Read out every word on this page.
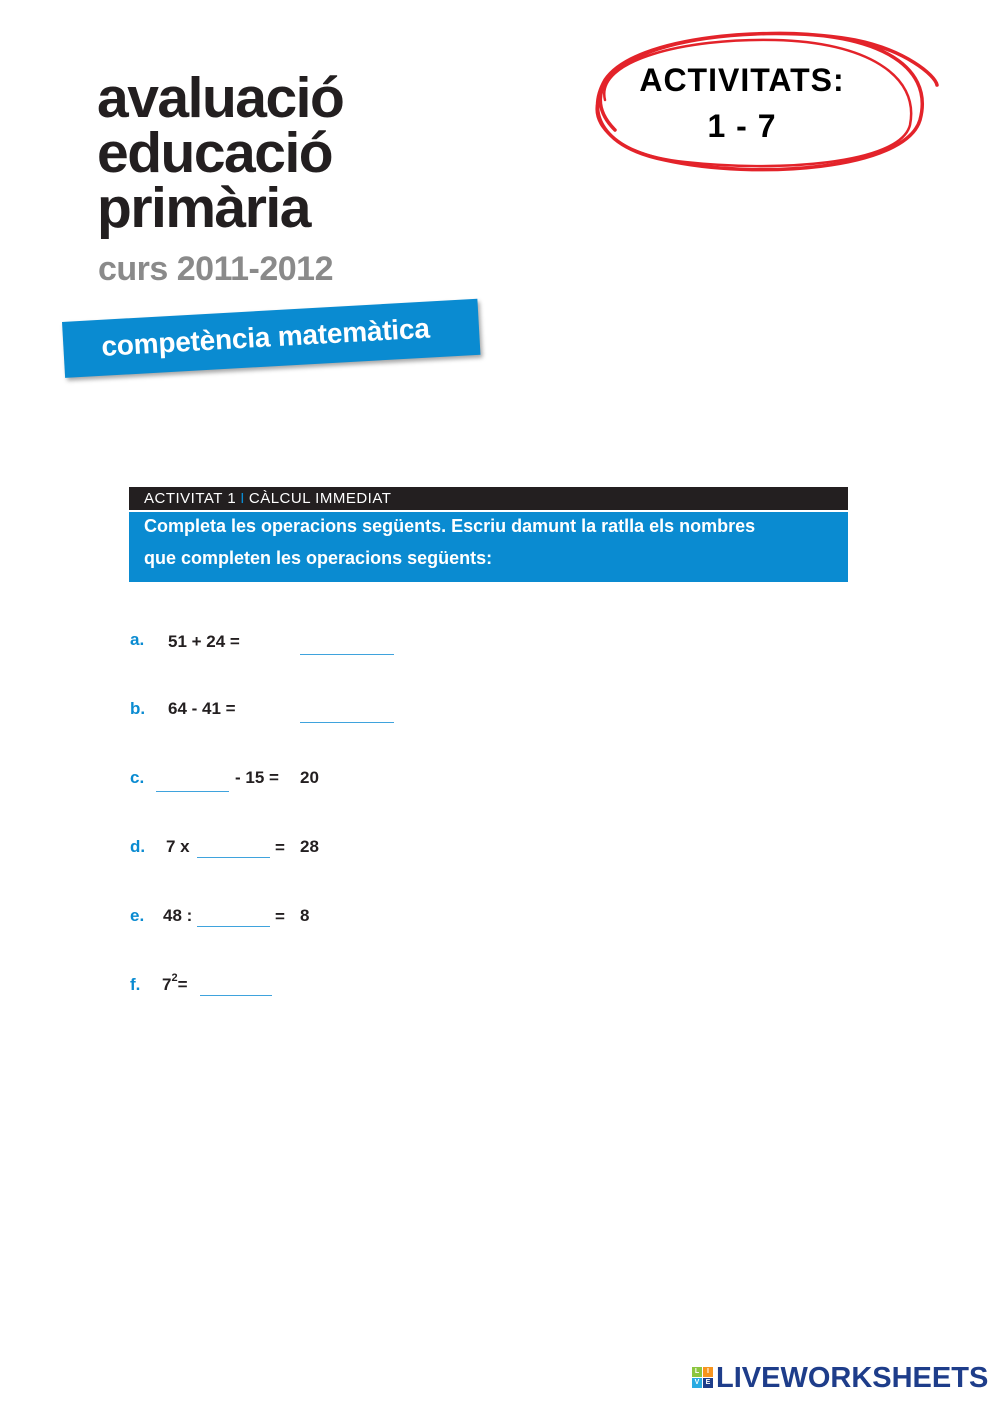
avaluació
educació
primària
curs 2011-2012
competència matemàtica
ACTIVITATS:
1 - 7
ACTIVITAT 1 I CÀLCUL IMMEDIAT
Completa les operacions següents. Escriu damunt la ratlla els nombres
que completen les operacions següents:
a. 51 + 24 =
b. 64 - 41 =
c.	- 15 = 20
d. 7 x	= 28
e. 48 :	= 8
f. $7^2=$
L	I
V E LIVEWORKSHEETS
